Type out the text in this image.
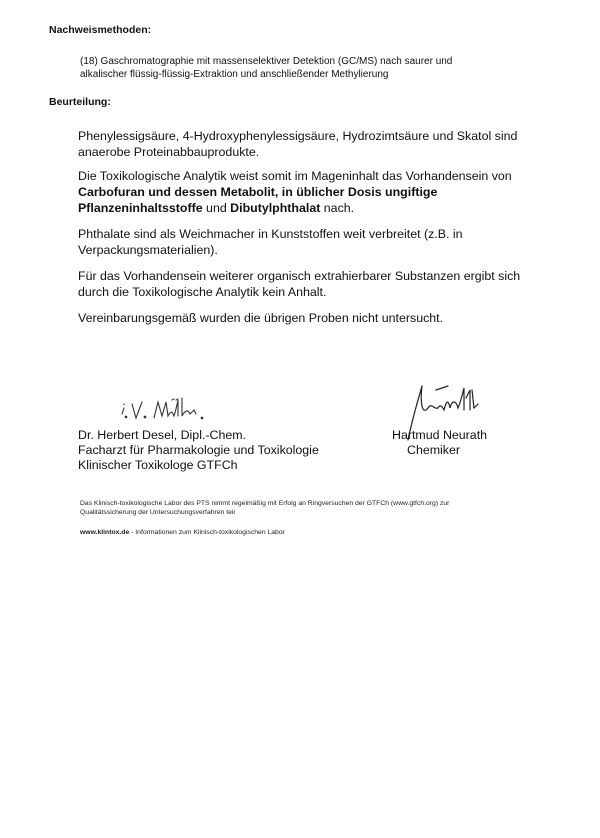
Nachweismethoden:
(18) Gaschromatographie mit massenselektiver Detektion (GC/MS) nach saurer und
alkalischer flüssig-flüssig-Extraktion und anschließender Methylierung
Beurteilung:
Phenylessigsäure, 4-Hydroxyphenylessigsäure, Hydrozimtsäure und Skatol sind anaerobe Proteinabbauprodukte.
Die Toxikologische Analytik weist somit im Mageninhalt das Vorhandensein von Carbofuran und dessen Metabolit, in üblicher Dosis ungiftige Pflanzeninhaltsstoffe und Dibutylphthalat nach.
Phthalate sind als Weichmacher in Kunststoffen weit verbreitet (z.B. in Verpackungsmaterialien).
Für das Vorhandensein weiterer organisch extrahierbarer Substanzen ergibt sich durch die Toxikologische Analytik kein Anhalt.
Vereinbarungsgemäß wurden die übrigen Proben nicht untersucht.
Dr. Herbert Desel, Dipl.-Chem.
Facharzt für Pharmakologie und Toxikologie
Klinischer Toxikologe GTFCh
Hartmud Neurath
Chemiker
Das Klinisch-toxikologische Labor des PTS nimmt regelmäßig mit Erfolg an Ringversuchen der GTFCh (www.gtfch.org) zur
Qualitätssicherung der Untersuchungsverfahren teil
www.klintox.de - Informationen zum Klinisch-toxikologischen Labor
